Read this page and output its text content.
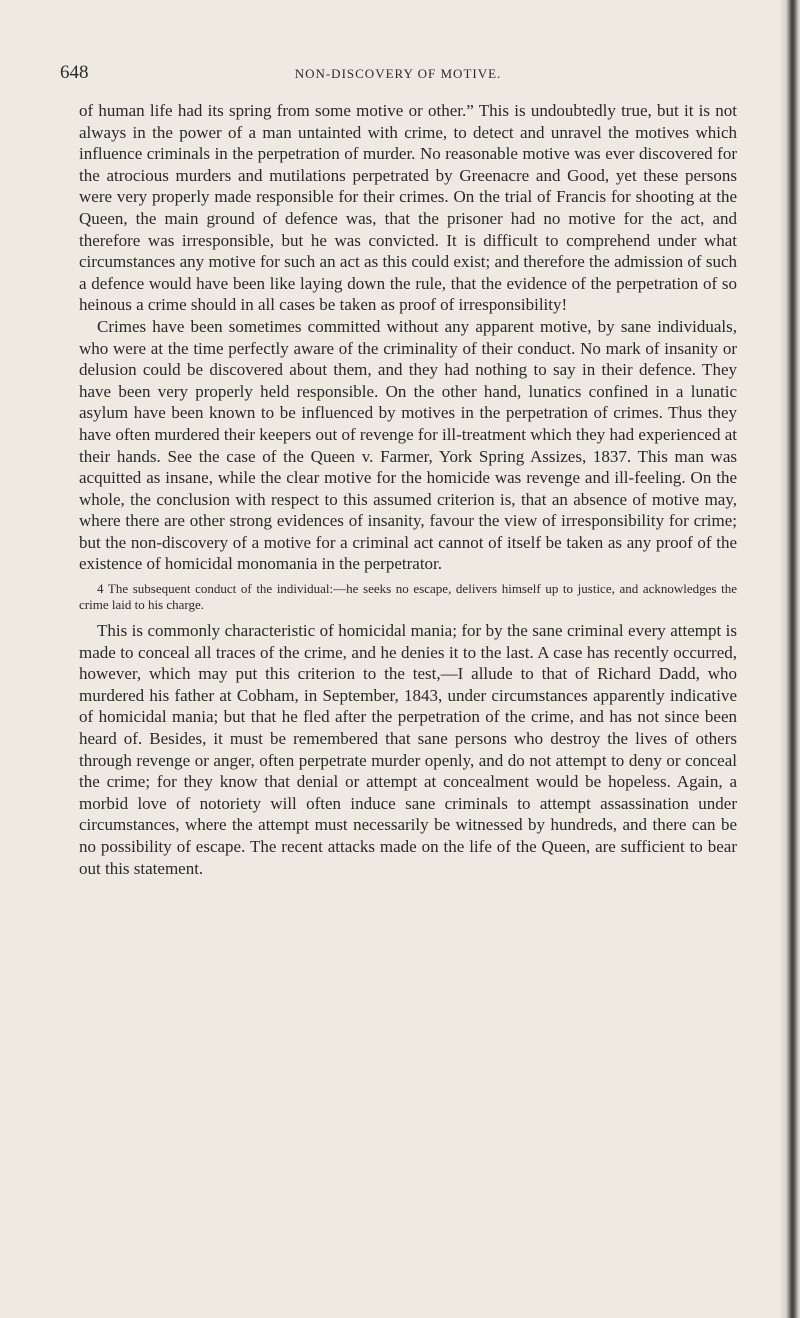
648	NON-DISCOVERY OF MOTIVE.

of human life had its spring from some motive or other.” This is undoubtedly true, but it is not always in the power of a man untainted with crime, to detect and unravel the motives which influence criminals in the perpetration of murder. No reasonable motive was ever discovered for the atrocious murders and mutilations perpetrated by Greenacre and Good, yet these persons were very properly made responsible for their crimes. On the trial of Francis for shooting at the Queen, the main ground of defence was, that the prisoner had no motive for the act, and therefore was irresponsible, but he was convicted. It is difficult to comprehend under what circumstances any motive for such an act as this could exist; and therefore the admission of such a defence would have been like laying down the rule, that the evidence of the perpetration of so heinous a crime should in all cases be taken as proof of irresponsibility!

Crimes have been sometimes committed without any apparent motive, by sane individuals, who were at the time perfectly aware of the criminality of their conduct. No mark of insanity or delusion could be discovered about them, and they had nothing to say in their defence. They have been very properly held responsible. On the other hand, lunatics confined in a lunatic asylum have been known to be influenced by motives in the perpetration of crimes. Thus they have often murdered their keepers out of revenge for ill-treatment which they had experienced at their hands. See the case of the Queen v. Farmer, York Spring Assizes, 1837. This man was acquitted as insane, while the clear motive for the homicide was revenge and ill-feeling. On the whole, the conclusion with respect to this assumed criterion is, that an absence of motive may, where there are other strong evidences of insanity, favour the view of irresponsibility for crime; but the non-discovery of a motive for a criminal act cannot of itself be taken as any proof of the existence of homicidal monomania in the perpetrator.

4 The subsequent conduct of the individual:—he seeks no escape, delivers himself up to justice, and acknowledges the crime laid to his charge.

This is commonly characteristic of homicidal mania; for by the sane criminal every attempt is made to conceal all traces of the crime, and he denies it to the last. A case has recently occurred, however, which may put this criterion to the test,—I allude to that of Richard Dadd, who murdered his father at Cobham, in September, 1843, under circumstances apparently indicative of homicidal mania; but that he fled after the perpetration of the crime, and has not since been heard of. Besides, it must be remembered that sane persons who destroy the lives of others through revenge or anger, often perpetrate murder openly, and do not attempt to deny or conceal the crime; for they know that denial or attempt at concealment would be hopeless. Again, a morbid love of notoriety will often induce sane criminals to attempt assassination under circumstances, where the attempt must necessarily be witnessed by hundreds, and there can be no possibility of escape. The recent attacks made on the life of the Queen, are sufficient to bear out this statement.
